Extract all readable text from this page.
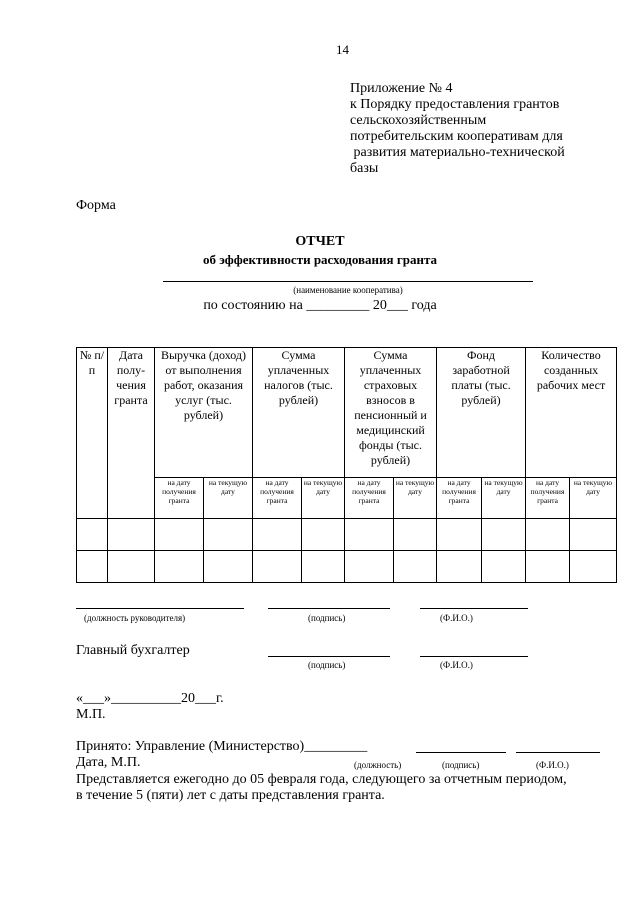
14
Приложение № 4
к Порядку предоставления грантов
сельскохозяйственным
потребительским кооперативам для
развития материально-технической
базы
Форма
ОТЧЕТ
об эффективности расходования гранта
(наименование кооператива)
по состоянию на _________ 20___ года
№ п/п	Дата полу- чения гранта	Выручка (доход) от выполнения работ, оказания услуг (тыс. рублей)		Сумма уплаченных налогов (тыс. рублей)		Сумма уплаченных страховых взносов в пенсионный и медицинский фонды (тыс. рублей)		Фонд заработной платы (тыс. рублей)		Количество созданных рабочих мест	
		на дату получения гранта	на текущую дату	на дату получения гранта	на текущую дату	на дату получения гранта	на текущую дату	на дату получения гранта	на текущую дату	на дату получения гранта	на текущую дату

(должность руководителя)	(подпись)	(Ф.И.О.)
Главный бухгалтер
(подпись)	(Ф.И.О.)
«___»__________20___г.
М.П.
Принято: Управление (Министерство)_________
Дата, М.П.	(должность)	(подпись)	(Ф.И.О.)
Представляется ежегодно до 05 февраля года, следующего за отчетным периодом,
в течение 5 (пяти) лет с даты представления гранта.
